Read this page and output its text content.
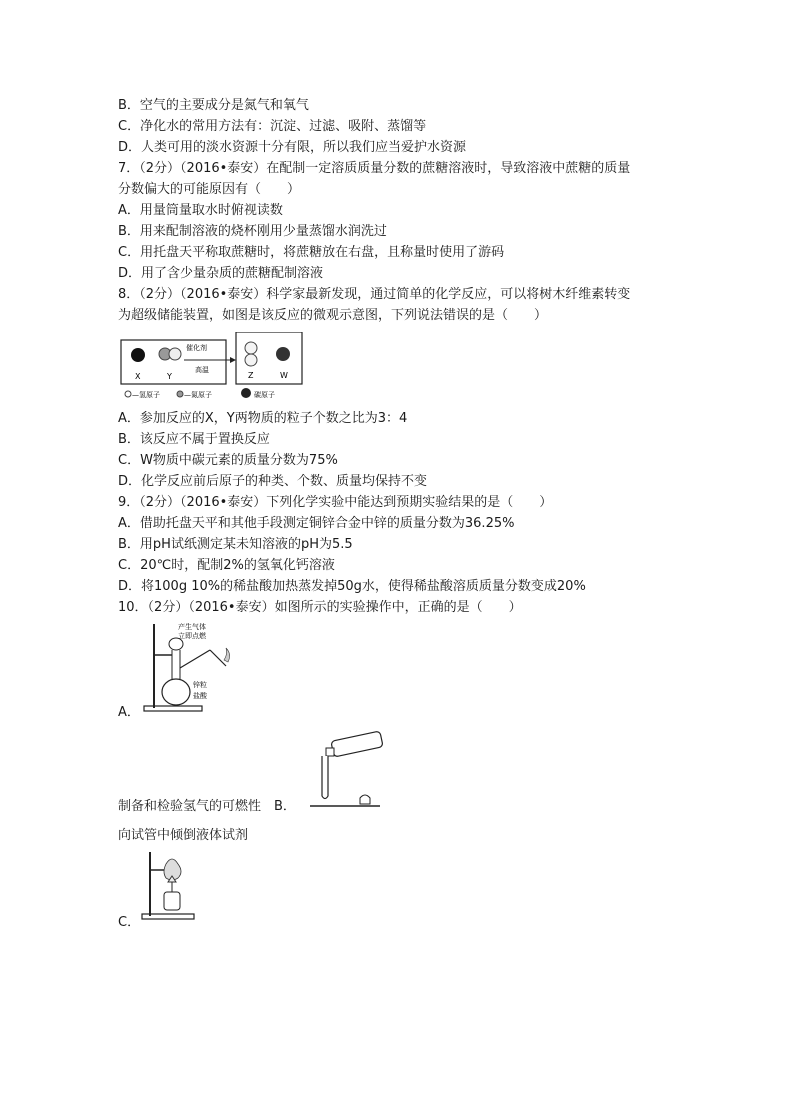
B．空气的主要成分是氮气和氧气
C．净化水的常用方法有：沉淀、过滤、吸附、蒸馏等
D．人类可用的淡水资源十分有限，所以我们应当爱护水资源
7．（2分）（2016•泰安）在配制一定溶质质量分数的蔗糖溶液时，导致溶液中蔗糖的质量
分数偏大的可能原因有（　　）
A．用量筒量取水时俯视读数
B．用来配制溶液的烧杯刚用少量蒸馏水润洗过
C．用托盘天平称取蔗糖时，将蔗糖放在右盘，且称量时使用了游码
D．用了含少量杂质的蔗糖配制溶液
8．（2分）（2016•泰安）科学家最新发现，通过简单的化学反应，可以将树木纤维素转变
为超级储能装置，如图是该反应的微观示意图，下列说法错误的是（　　）
X	Y
催化剂
高温
Z	W
—氢原子	—氮原子	碳原子
A．参加反应的X，Y两物质的粒子个数之比为3：4
B．该反应不属于置换反应
C．W物质中碳元素的质量分数为75%
D．化学反应前后原子的种类、个数、质量均保持不变
9．（2分）（2016•泰安）下列化学实验中能达到预期实验结果的是（　　）
A．借助托盘天平和其他手段测定铜锌合金中锌的质量分数为36.25%
B．用pH试纸测定某未知溶液的pH为5.5
C．20℃时，配制2%的氢氧化钙溶液
D．将100g 10%的稀盐酸加热蒸发掉50g水，使得稀盐酸溶质质量分数变成20%
10．（2分）（2016•泰安）如图所示的实验操作中，正确的是（　　）
产生气体
立即点燃
锌粒
盐酸
A．
制备和检验氢气的可燃性　B．
向试管中倾倒液体试剂
C．
